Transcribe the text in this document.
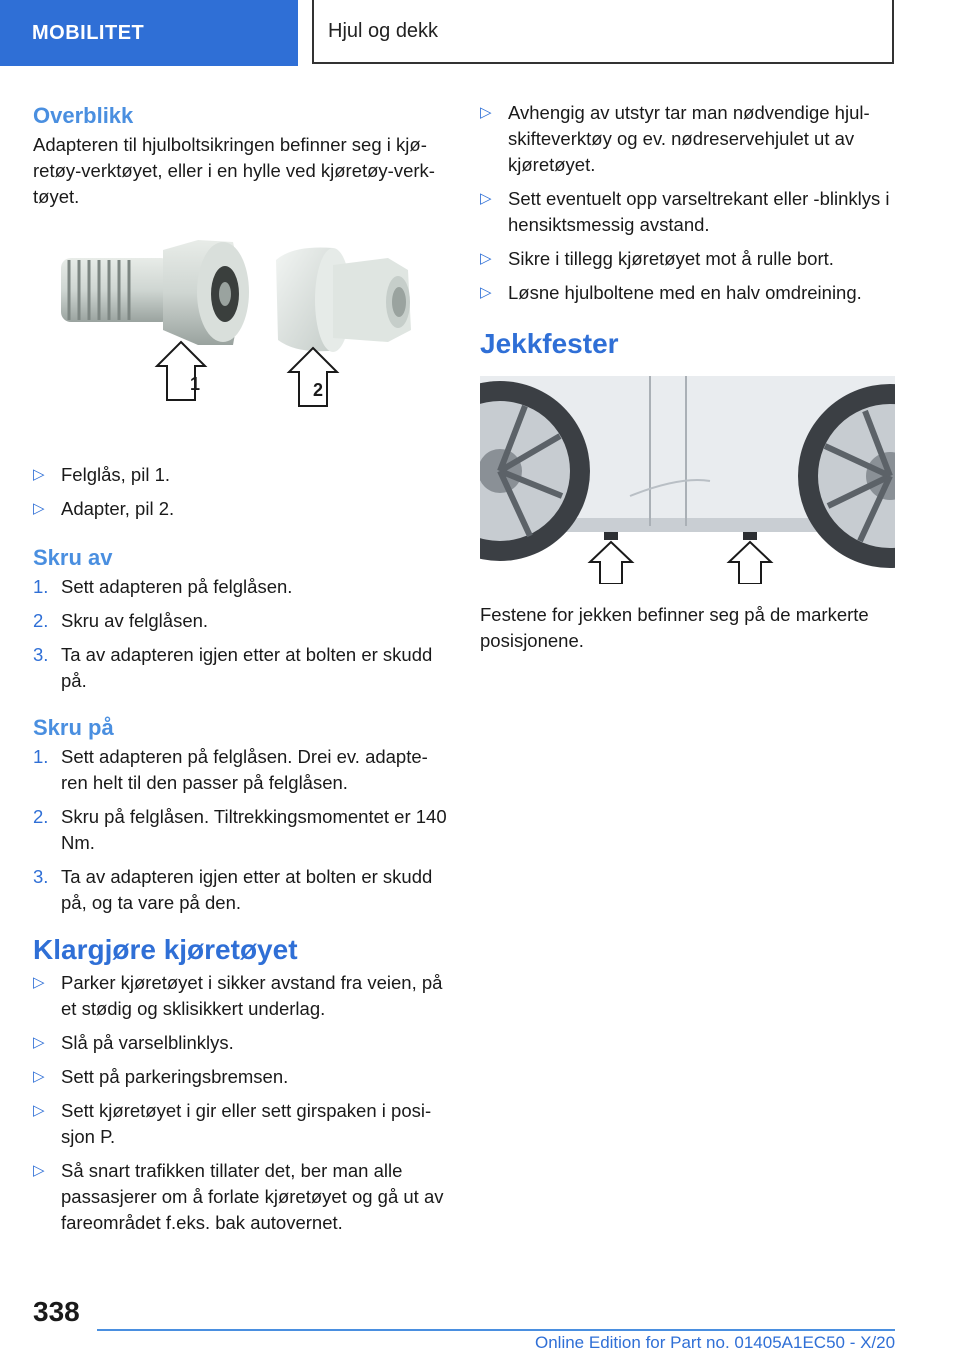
MOBILITET	Hjul og dekk
Overblikk

Adapteren til hjulboltsikringen befinner seg i kjøretøy-verktøyet, eller i en hylle ved kjøretøy-verktøyet.

1	2
▷ Felglås, pil 1.
▷ Adapter, pil 2.
Skru av
1. Sett adapteren på felglåsen.
2. Skru av felglåsen.
3. Ta av adapteren igjen etter at bolten er skudd på.
Skru på
1. Sett adapteren på felglåsen. Drei ev. adapteren helt til den passer på felglåsen.
2. Skru på felglåsen. Tiltrekkingsmomentet er 140 Nm.
3. Ta av adapteren igjen etter at bolten er skudd på, og ta vare på den.
Klargjøre kjøretøyet
▷ Parker kjøretøyet i sikker avstand fra veien, på et stødig og sklisikkert underlag.
▷ Slå på varselblinklys.
▷ Sett på parkeringsbremsen.
▷ Sett kjøretøyet i gir eller sett girspaken i posisjon P.
▷ Så snart trafikken tillater det, ber man alle passasjerer om å forlate kjøretøyet og gå ut av fareområdet f.eks. bak autovernet.
▷ Avhengig av utstyr tar man nødvendige hjulskifteverktøy og ev. nødreservehjulet ut av kjøretøyet.
▷ Sett eventuelt opp varseltrekant eller -blinklys i hensiktsmessig avstand.
▷ Sikre i tillegg kjøretøyet mot å rulle bort.
▷ Løsne hjulboltene med en halv omdreining.
Jekkfester

Festene for jekken befinner seg på de markerte posisjonene.

338
Online Edition for Part no. 01405A1EC50 - X/20
